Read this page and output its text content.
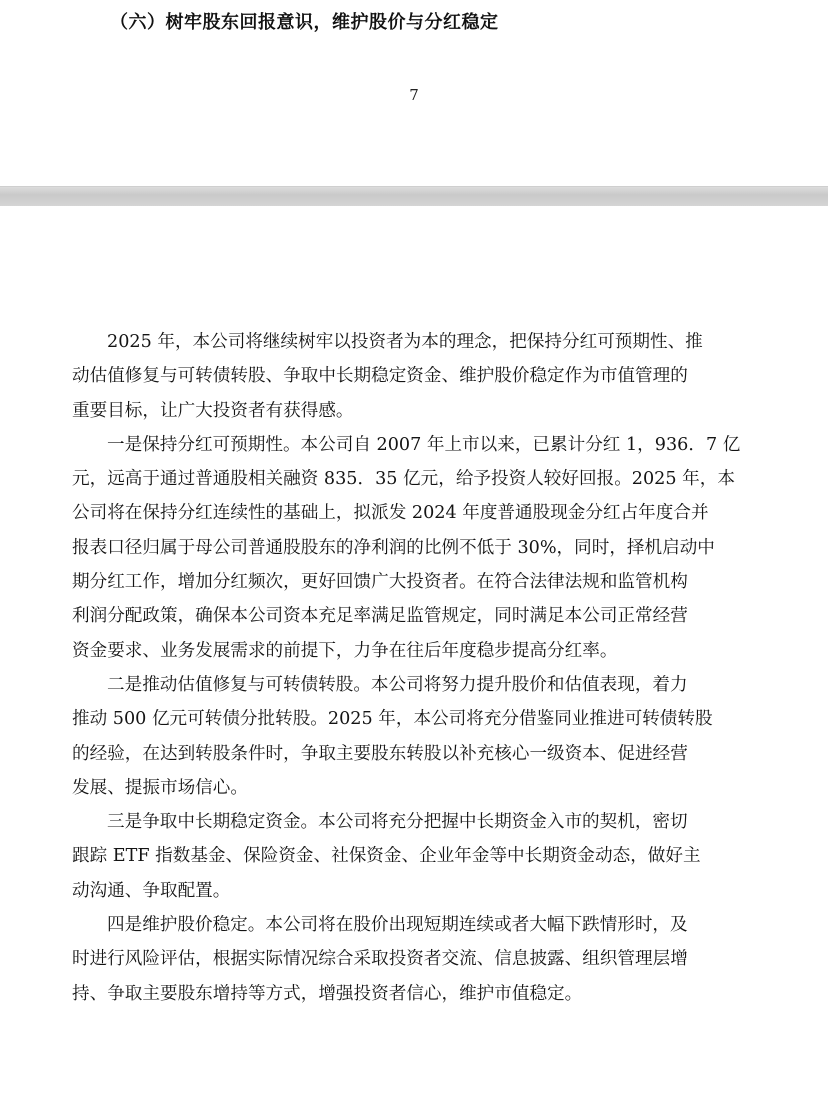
（六）树牢股东回报意识，维护股价与分红稳定
7

2025 年，本公司将继续树牢以投资者为本的理念，把保持分红可预期性、推
动估值修复与可转债转股、争取中长期稳定资金、维护股价稳定作为市值管理的
重要目标，让广大投资者有获得感。

一是保持分红可预期性。本公司自 2007 年上市以来，已累计分红 1，936．7 亿
元，远高于通过普通股相关融资 835．35 亿元，给予投资人较好回报。2025 年，本
公司将在保持分红连续性的基础上，拟派发 2024 年度普通股现金分红占年度合并
报表口径归属于母公司普通股股东的净利润的比例不低于 30%，同时，择机启动中
期分红工作，增加分红频次，更好回馈广大投资者。在符合法律法规和监管机构
利润分配政策，确保本公司资本充足率满足监管规定，同时满足本公司正常经营
资金要求、业务发展需求的前提下，力争在往后年度稳步提高分红率。

二是推动估值修复与可转债转股。本公司将努力提升股价和估值表现，着力
推动 500 亿元可转债分批转股。2025 年，本公司将充分借鉴同业推进可转债转股
的经验，在达到转股条件时，争取主要股东转股以补充核心一级资本、促进经营
发展、提振市场信心。

三是争取中长期稳定资金。本公司将充分把握中长期资金入市的契机，密切
跟踪 ETF 指数基金、保险资金、社保资金、企业年金等中长期资金动态，做好主
动沟通、争取配置。

四是维护股价稳定。本公司将在股价出现短期连续或者大幅下跌情形时，及
时进行风险评估，根据实际情况综合采取投资者交流、信息披露、组织管理层增
持、争取主要股东增持等方式，增强投资者信心，维护市值稳定。
